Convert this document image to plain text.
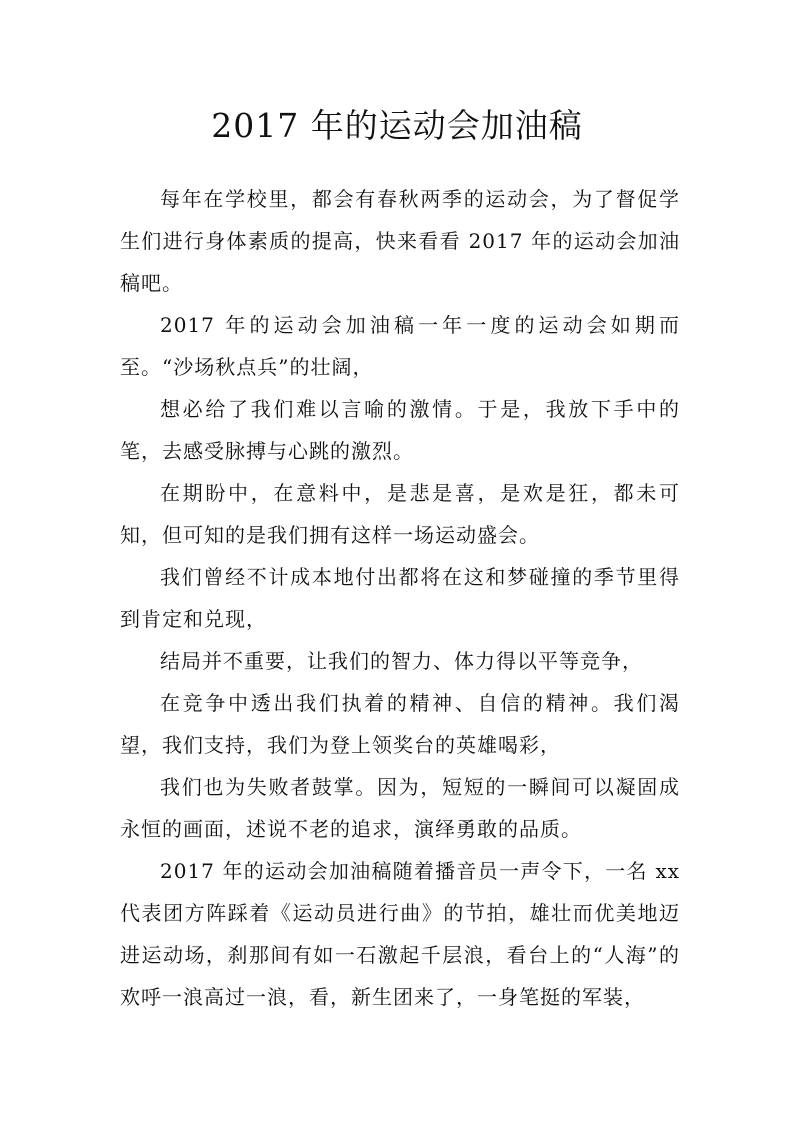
2017 年的运动会加油稿

每年在学校里，都会有春秋两季的运动会，为了督促学生们进行身体素质的提高，快来看看 2017 年的运动会加油稿吧。

2017 年的运动会加油稿一年一度的运动会如期而至。“沙场秋点兵”的壮阔，

想必给了我们难以言喻的激情。于是，我放下手中的笔，去感受脉搏与心跳的激烈。

在期盼中，在意料中，是悲是喜，是欢是狂，都未可知，但可知的是我们拥有这样一场运动盛会。

我们曾经不计成本地付出都将在这和梦碰撞的季节里得到肯定和兑现，

结局并不重要，让我们的智力、体力得以平等竞争，

在竞争中透出我们执着的精神、自信的精神。我们渴望，我们支持，我们为登上领奖台的英雄喝彩，

我们也为失败者鼓掌。因为，短短的一瞬间可以凝固成永恒的画面，述说不老的追求，演绎勇敢的品质。

2017 年的运动会加油稿随着播音员一声令下，一名 xx 代表团方阵踩着《运动员进行曲》的节拍，雄壮而优美地迈进运动场，刹那间有如一石激起千层浪，看台上的“人海”的欢呼一浪高过一浪，看，新生团来了，一身笔挺的军装，
